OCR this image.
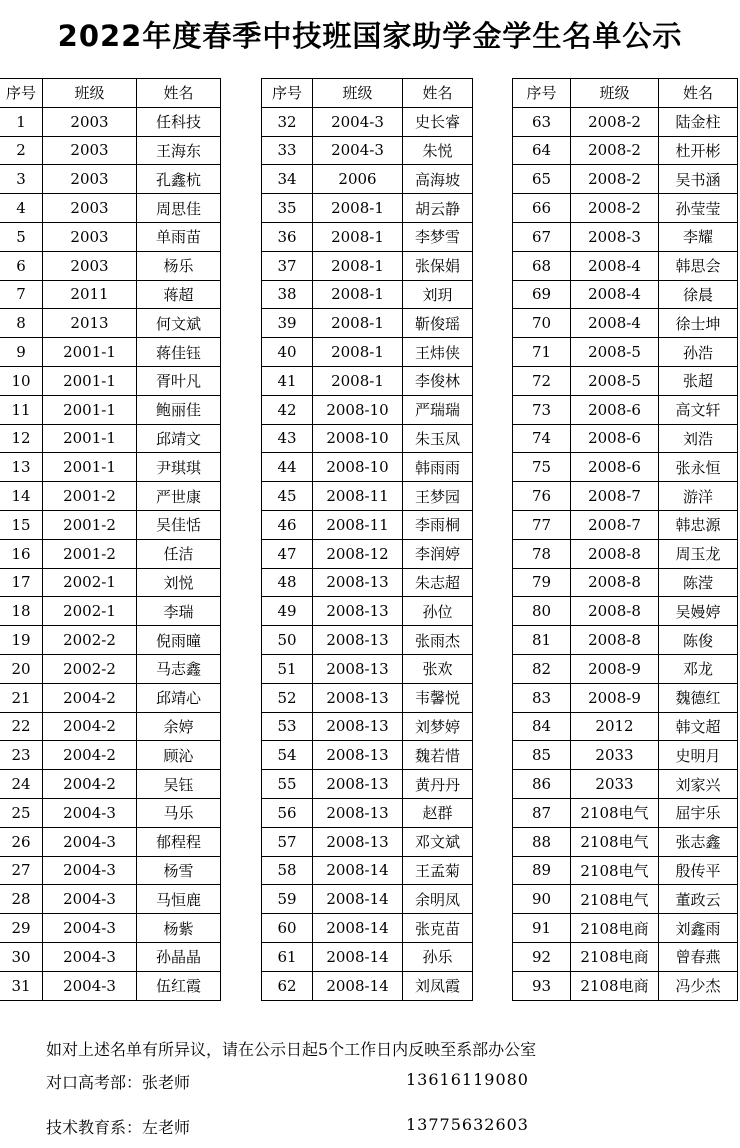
2022年度春季中技班国家助学金学生名单公示
序号	班级	姓名
1	2003	任科技
2	2003	王海东
3	2003	孔鑫杭
4	2003	周思佳
5	2003	单雨苗
6	2003	杨乐
7	2011	蒋超
8	2013	何文斌
9	2001-1	蒋佳钰
10	2001-1	胥叶凡
11	2001-1	鲍丽佳
12	2001-1	邱靖文
13	2001-1	尹琪琪
14	2001-2	严世康
15	2001-2	吴佳恬
16	2001-2	任洁
17	2002-1	刘悦
18	2002-1	李瑞
19	2002-2	倪雨曈
20	2002-2	马志鑫
21	2004-2	邱靖心
22	2004-2	余婷
23	2004-2	顾沁
24	2004-2	吴钰
25	2004-3	马乐
26	2004-3	郁程程
27	2004-3	杨雪
28	2004-3	马恒鹿
29	2004-3	杨紫
30	2004-3	孙晶晶
31	2004-3	伍红霞
序号	班级	姓名
32	2004-3	史长睿
33	2004-3	朱悦
34	2006	高海坡
35	2008-1	胡云静
36	2008-1	李梦雪
37	2008-1	张保娟
38	2008-1	刘玥
39	2008-1	靳俊瑶
40	2008-1	王炜侠
41	2008-1	李俊林
42	2008-10	严瑞瑞
43	2008-10	朱玉凤
44	2008-10	韩雨雨
45	2008-11	王梦园
46	2008-11	李雨桐
47	2008-12	李润婷
48	2008-13	朱志超
49	2008-13	孙位
50	2008-13	张雨杰
51	2008-13	张欢
52	2008-13	韦馨悦
53	2008-13	刘梦婷
54	2008-13	魏若惜
55	2008-13	黄丹丹
56	2008-13	赵群
57	2008-13	邓文斌
58	2008-14	王孟菊
59	2008-14	余明凤
60	2008-14	张克苗
61	2008-14	孙乐
62	2008-14	刘凤霞
序号	班级	姓名
63	2008-2	陆金柱
64	2008-2	杜开彬
65	2008-2	吴书涵
66	2008-2	孙莹莹
67	2008-3	李耀
68	2008-4	韩思会
69	2008-4	徐晨
70	2008-4	徐士坤
71	2008-5	孙浩
72	2008-5	张超
73	2008-6	高文轩
74	2008-6	刘浩
75	2008-6	张永恒
76	2008-7	游洋
77	2008-7	韩忠源
78	2008-8	周玉龙
79	2008-8	陈滢
80	2008-8	吴嫚婷
81	2008-8	陈俊
82	2008-9	邓龙
83	2008-9	魏德红
84	2012	韩文超
85	2033	史明月
86	2033	刘家兴
87	2108电气	屈宇乐
88	2108电气	张志鑫
89	2108电气	殷传平
90	2108电气	董政云
91	2108电商	刘鑫雨
92	2108电商	曾春燕
93	2108电商	冯少杰
如对上述名单有所异议，请在公示日起5个工作日内反映至系部办公室
对口高考部：张老师	13616119080
技术教育系：左老师	13775632603
